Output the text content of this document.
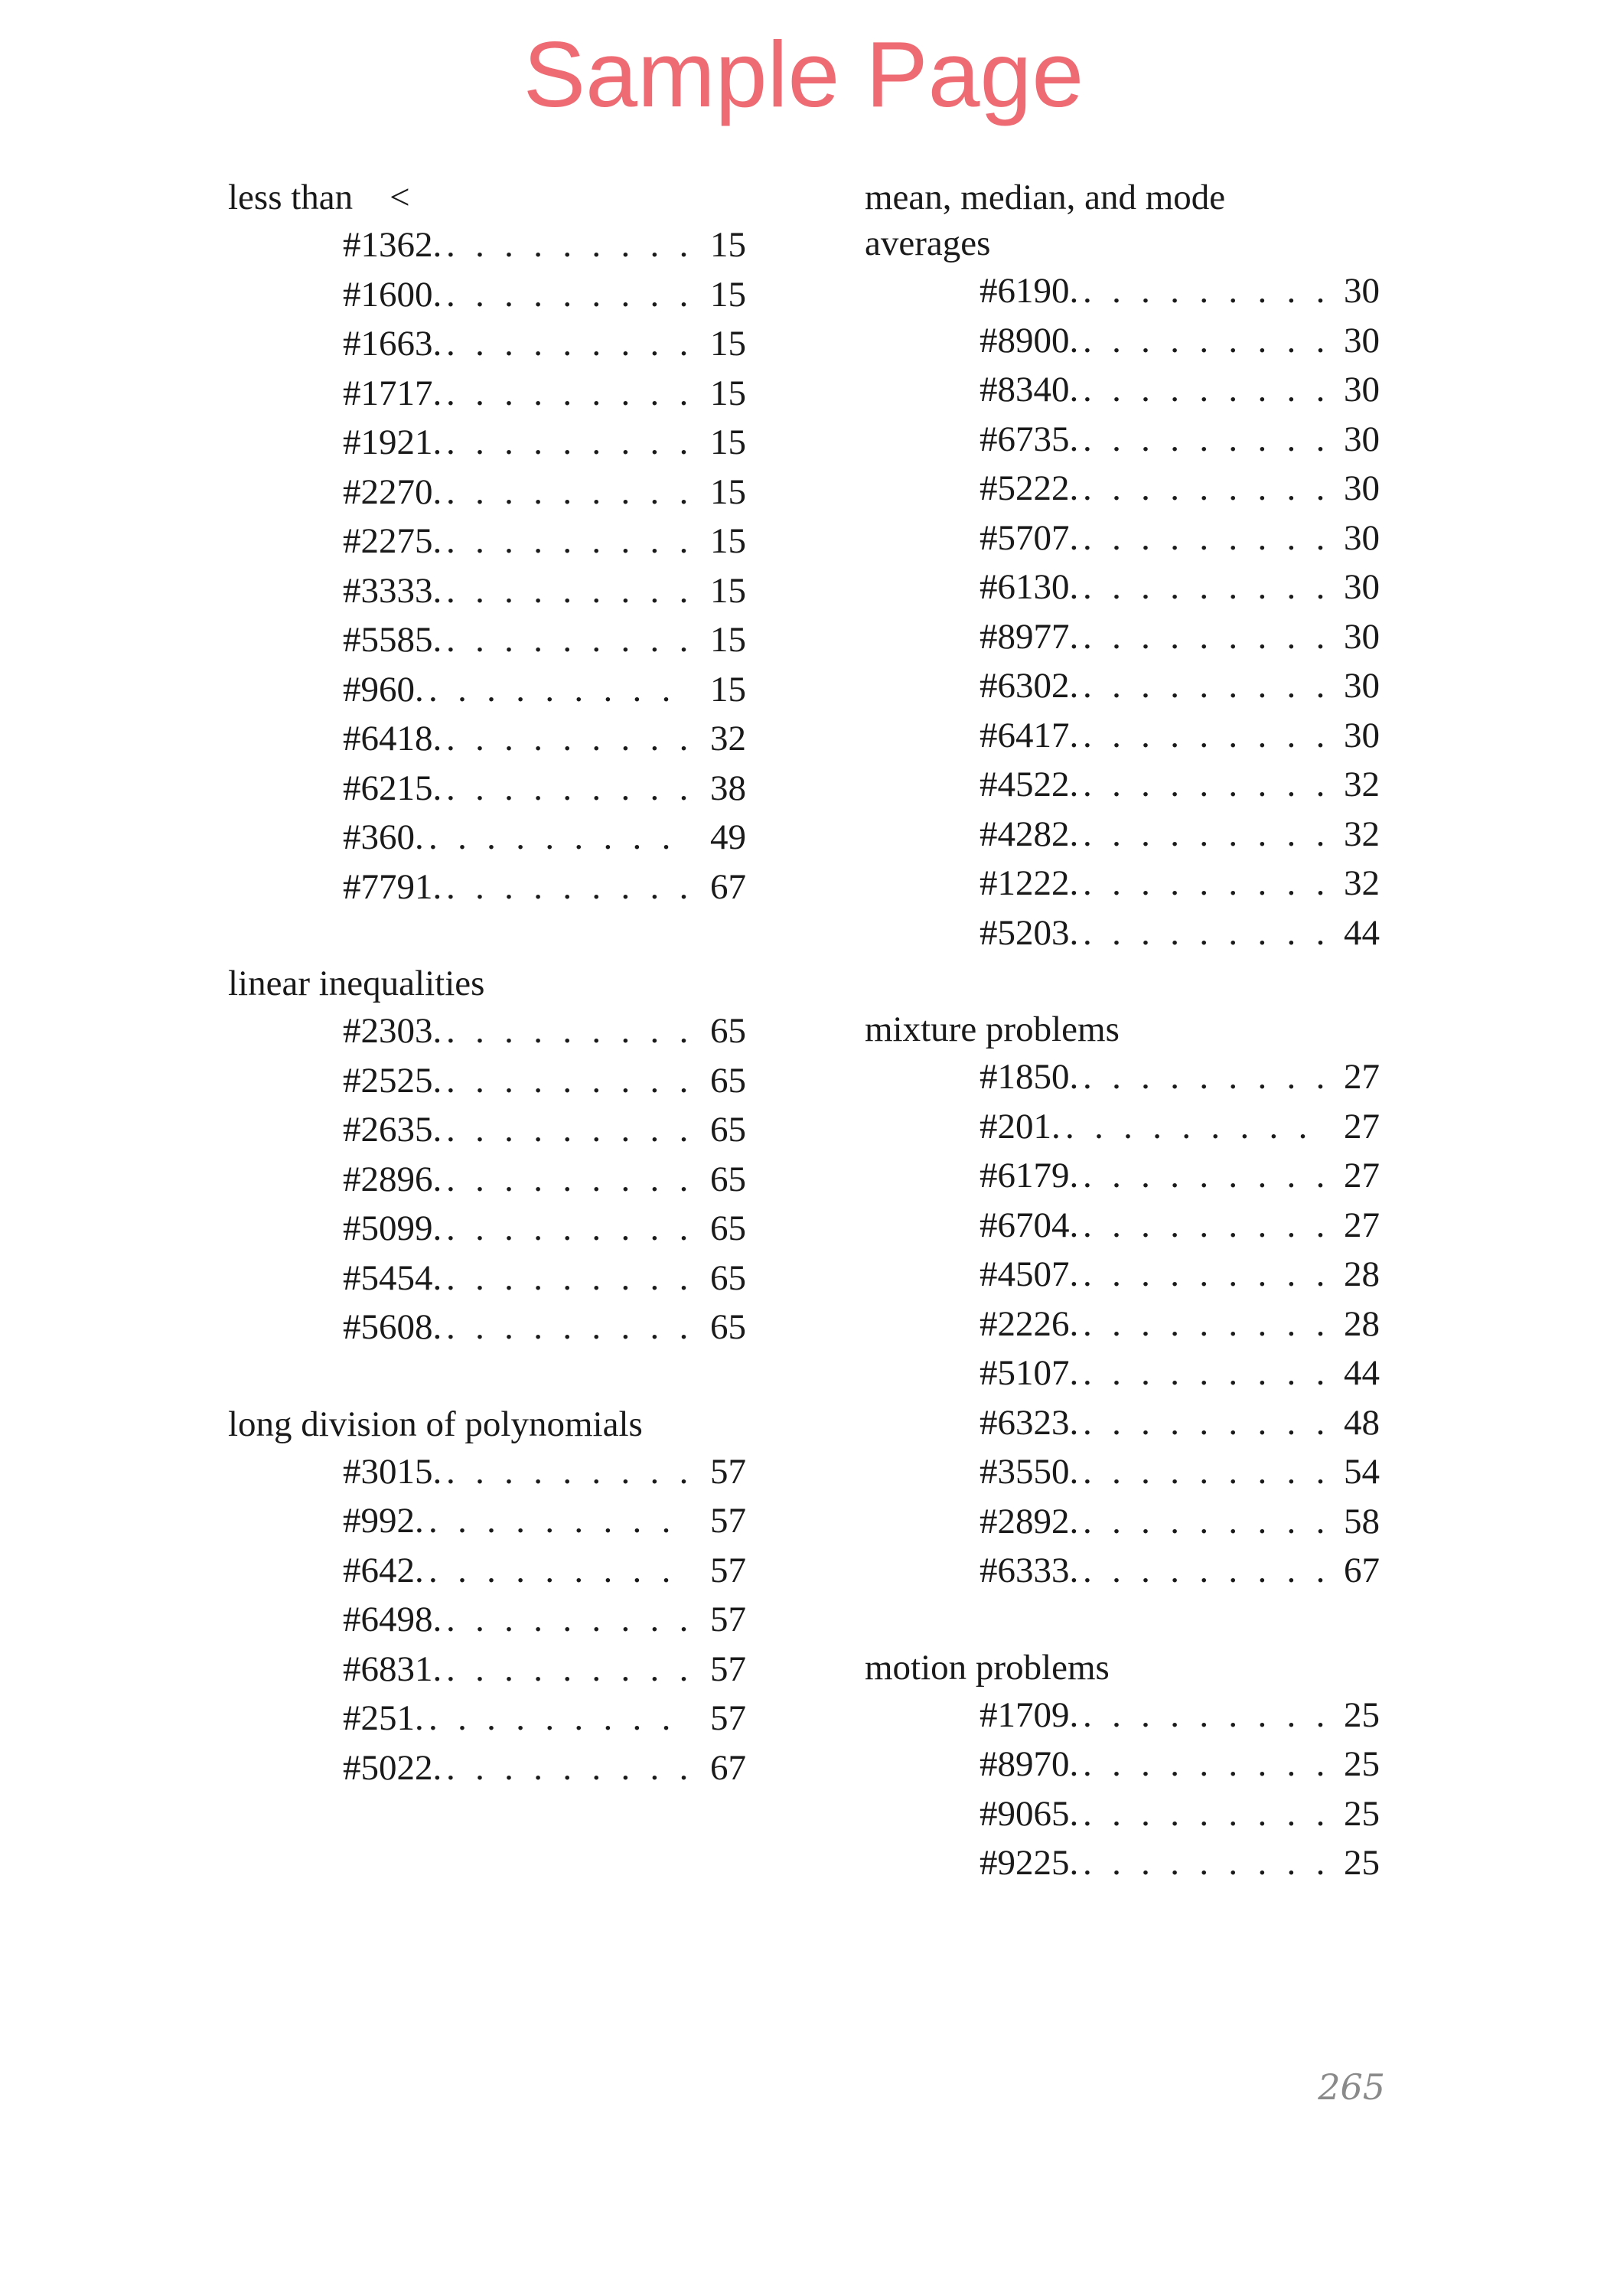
Sample Page
less than <
#1362. . . . . . . . . . 15
#1600. . . . . . . . . . 15
#1663. . . . . . . . . . 15
#1717. . . . . . . . . . 15
#1921. . . . . . . . . . 15
#2270. . . . . . . . . . 15
#2275. . . . . . . . . . 15
#3333. . . . . . . . . . 15
#5585. . . . . . . . . . 15
#960. . . . . . . . . . 15
#6418. . . . . . . . . . 32
#6215. . . . . . . . . . 38
#360. . . . . . . . . . 49
#7791. . . . . . . . . . 67
linear inequalities
#2303. . . . . . . . . . 65
#2525. . . . . . . . . . 65
#2635. . . . . . . . . . 65
#2896. . . . . . . . . . 65
#5099. . . . . . . . . . 65
#5454. . . . . . . . . . 65
#5608. . . . . . . . . . 65
long division of polynomials
#3015. . . . . . . . . . 57
#992. . . . . . . . . . 57
#642. . . . . . . . . . 57
#6498. . . . . . . . . . 57
#6831. . . . . . . . . . 57
#251. . . . . . . . . . 57
#5022. . . . . . . . . . 67
mean, median, and mode
averages
#6190. . . . . . . . . . 30
#8900. . . . . . . . . . 30
#8340. . . . . . . . . . 30
#6735. . . . . . . . . . 30
#5222. . . . . . . . . . 30
#5707. . . . . . . . . . 30
#6130. . . . . . . . . . 30
#8977. . . . . . . . . . 30
#6302. . . . . . . . . . 30
#6417. . . . . . . . . . 30
#4522. . . . . . . . . . 32
#4282. . . . . . . . . . 32
#1222. . . . . . . . . . 32
#5203. . . . . . . . . . 44
mixture problems
#1850. . . . . . . . . . 27
#201. . . . . . . . . . 27
#6179. . . . . . . . . . 27
#6704. . . . . . . . . . 27
#4507. . . . . . . . . . 28
#2226. . . . . . . . . . 28
#5107. . . . . . . . . . 44
#6323. . . . . . . . . . 48
#3550. . . . . . . . . . 54
#2892. . . . . . . . . . 58
#6333. . . . . . . . . . 67
motion problems
#1709. . . . . . . . . . 25
#8970. . . . . . . . . . 25
#9065. . . . . . . . . . 25
#9225. . . . . . . . . . 25
265
